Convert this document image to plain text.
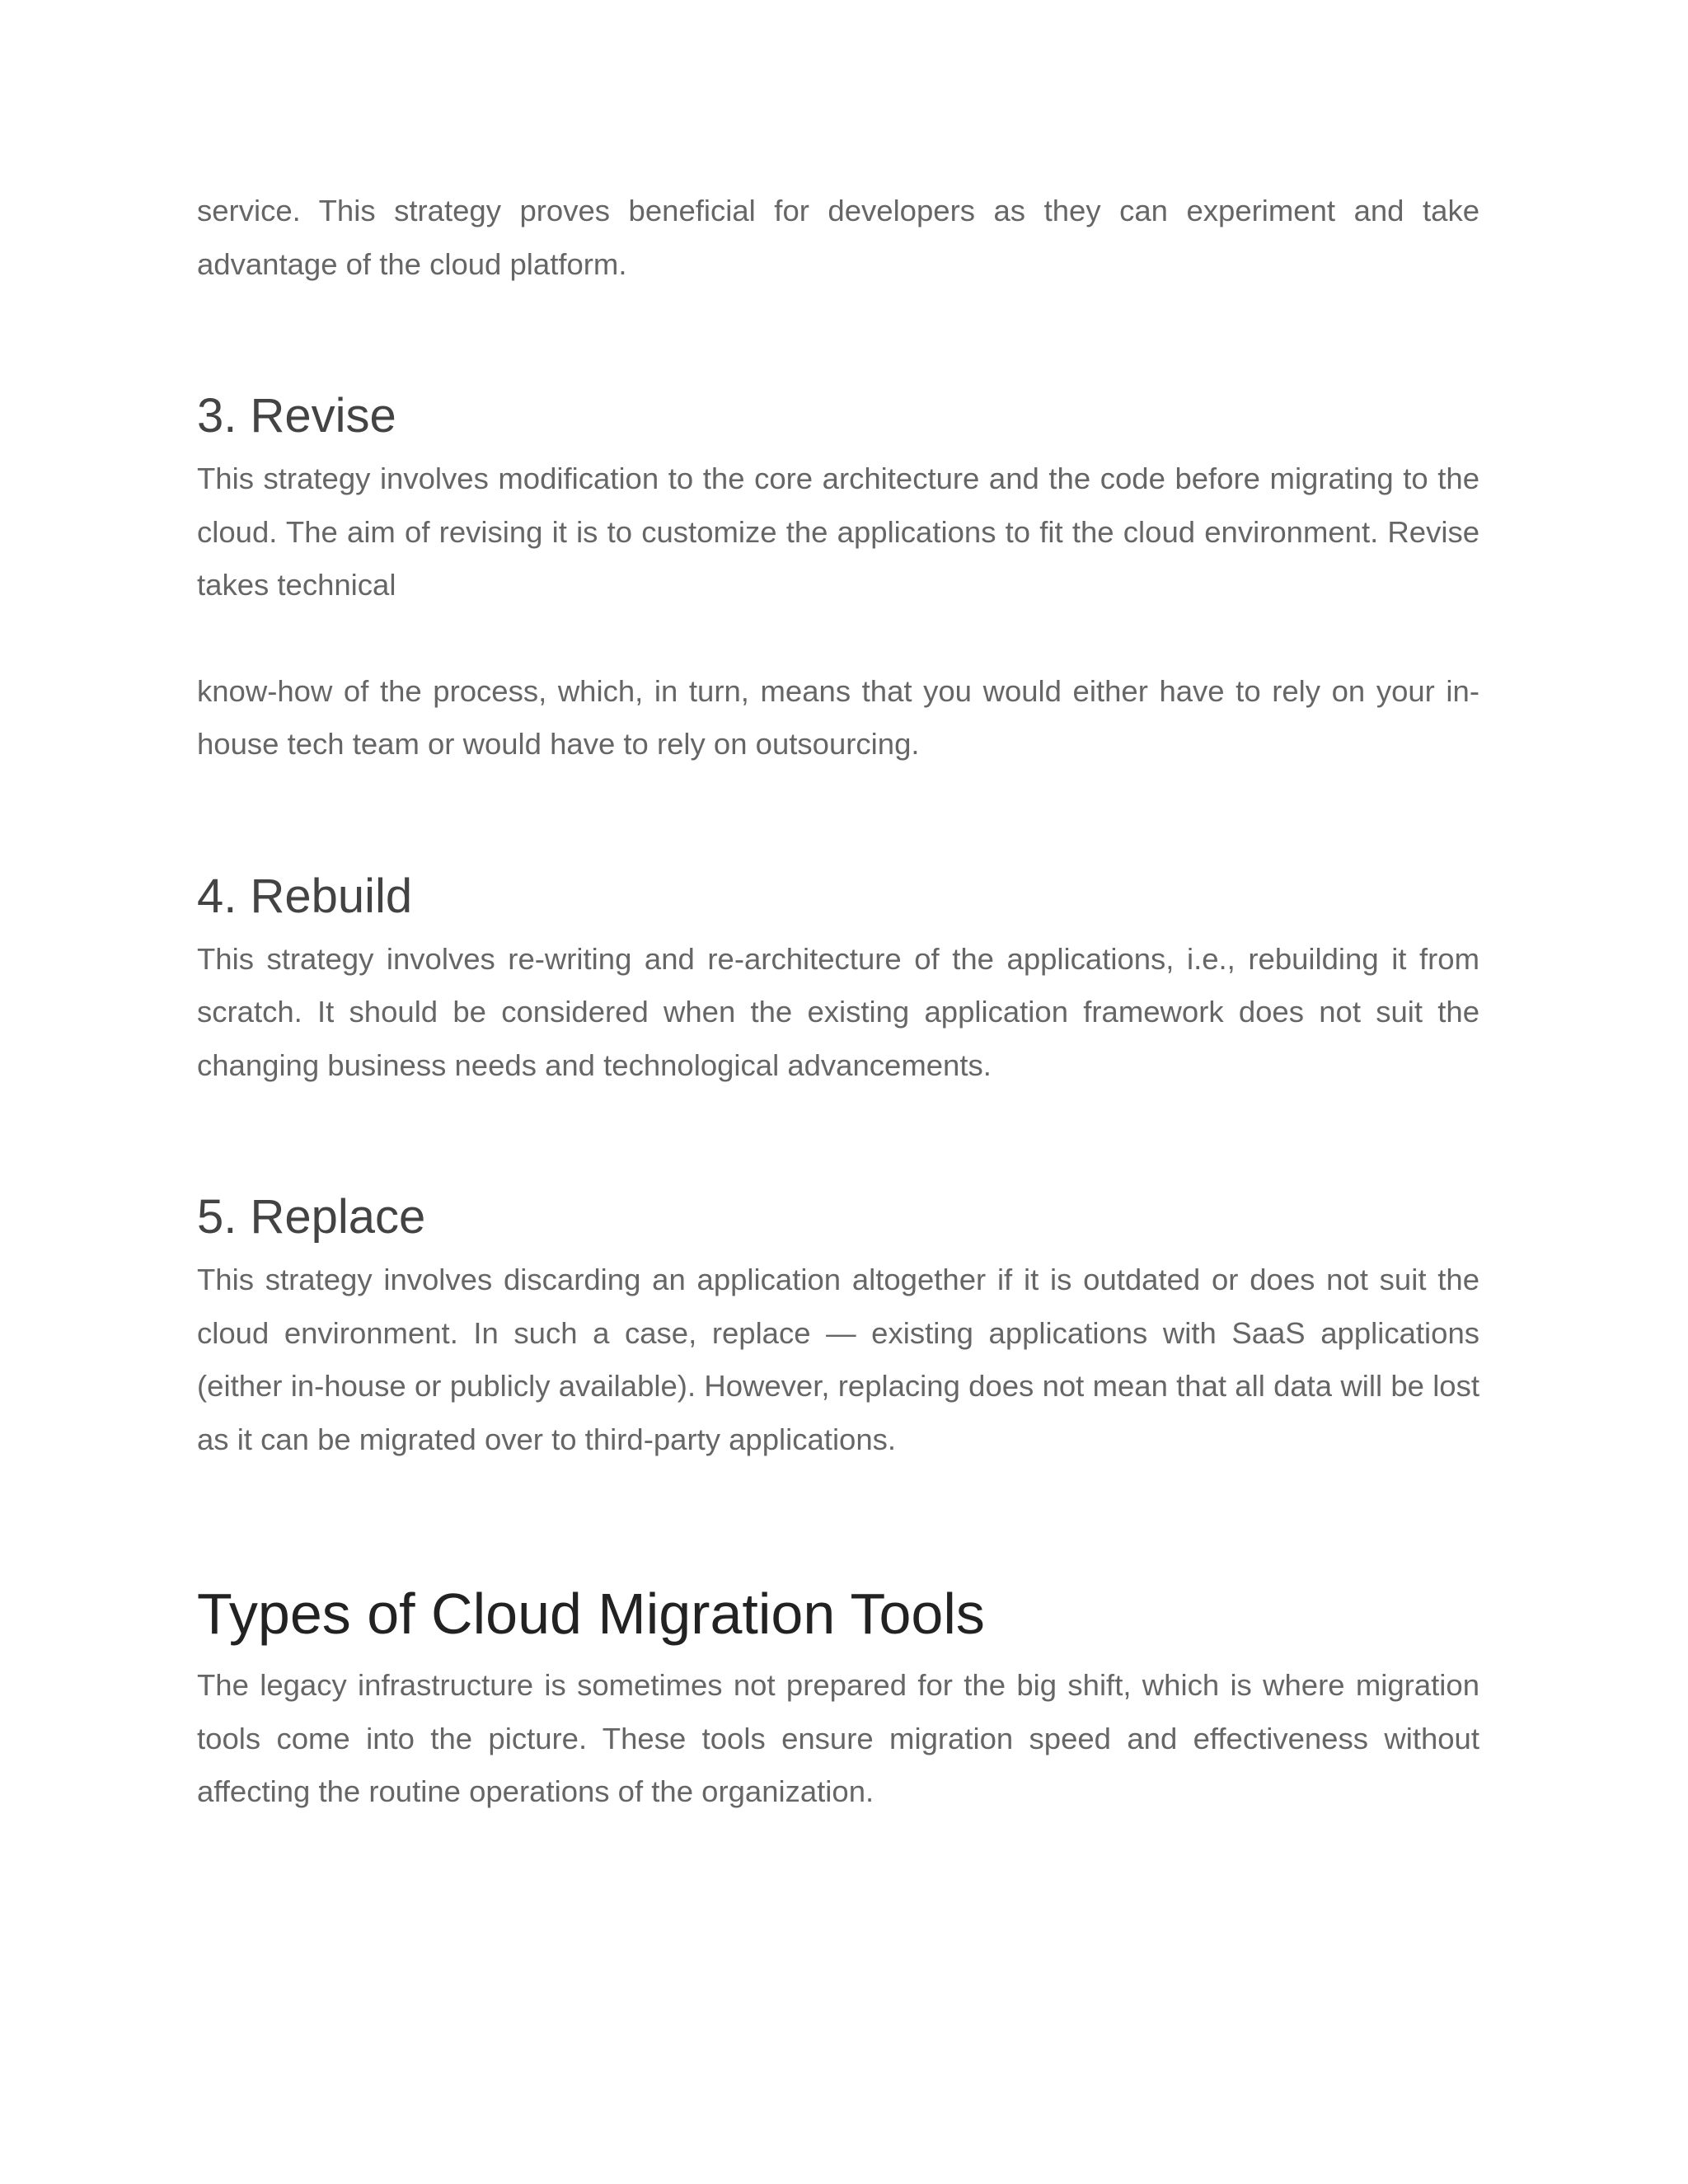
service. This strategy proves beneficial for developers as they can experiment and take advantage of the cloud platform.

3. Revise

This strategy involves modification to the core architecture and the code before migrating to the cloud. The aim of revising it is to customize the applications to fit the cloud environment. Revise takes technical

know-how of the process, which, in turn, means that you would either have to rely on your in-house tech team or would have to rely on outsourcing.

4. Rebuild

This strategy involves re-writing and re-architecture of the applications, i.e., rebuilding it from scratch. It should be considered when the existing application framework does not suit the changing business needs and technological advancements.

5. Replace

This strategy involves discarding an application altogether if it is outdated or does not suit the cloud environment. In such a case, replace — existing applications with SaaS applications (either in-house or publicly available). However, replacing does not mean that all data will be lost as it can be migrated over to third-party applications.

Types of Cloud Migration Tools

The legacy infrastructure is sometimes not prepared for the big shift, which is where migration tools come into the picture. These tools ensure migration speed and effectiveness without affecting the routine operations of the organization.
